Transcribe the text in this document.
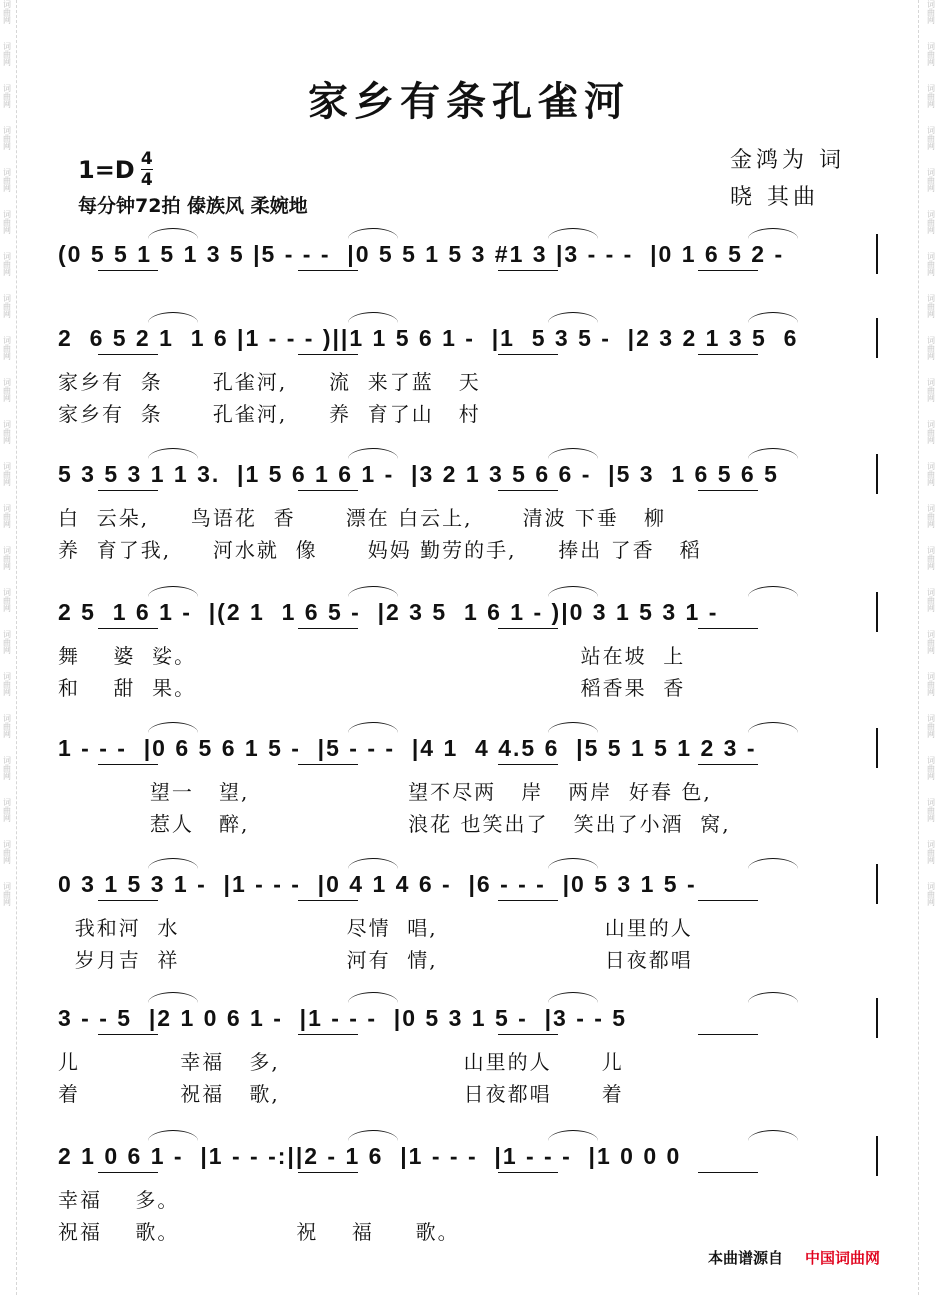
词曲网
词曲网
词曲网
词曲网
词曲网
词曲网
词曲网
词曲网
词曲网
词曲网
词曲网
词曲网
词曲网
词曲网
词曲网
词曲网
词曲网
词曲网
词曲网
词曲网
词曲网
词曲网
词曲网
词曲网
词曲网
词曲网
词曲网
词曲网
词曲网
词曲网
词曲网
词曲网
词曲网
词曲网
词曲网
词曲网
词曲网
词曲网
词曲网
词曲网
词曲网
词曲网
词曲网
词曲网
家乡有条孔雀河
1=D 4
4
每分钟72拍 傣族风 柔婉地
金鸿为 词
晓 其曲
(0 5 5 1 5 1 3 5 |5 - - -  |0 5 5 1 5 3 #1 3 |3 - - -  |0 1 6 5 2 -
2  6 5 2 1  1 6 |1 - - - )||1 1 5 6 1 -  |1  5 3 5 -  |2 3 2 1 3 5  6
家乡有  条      孔雀河,     流  来了蓝   天
家乡有  条      孔雀河,     养  育了山   村
5 3 5 3 1 1 3.  |1 5 6 1 6 1 -  |3 2 1 3 5 6 6 -  |5 3  1 6 5 6 5
白  云朵,     鸟语花  香      漂在 白云上,      清波 下垂   柳
养  育了我,     河水就  像      妈妈 勤劳的手,     捧出 了香   稻
2 5  1 6 1 -  |(2 1  1 6 5 -  |2 3 5  1 6 1 - )|0 3 1 5 3 1 -
舞    婆  娑。                                              站在坡  上
和    甜  果。                                              稻香果  香
1 - - -  |0 6 5 6 1 5 -  |5 - - -  |4 1  4 4.5 6  |5 5 1 5 1 2 3 -
望一   望,                   望不尽两   岸   两岸  好春 色,
惹人   醉,                   浪花 也笑出了   笑出了小酒  窝,
0 3 1 5 3 1 -  |1 - - -  |0 4 1 4 6 -  |6 - - -  |0 5 3 1 5 -
我和河  水                    尽情  唱,                    山里的人
岁月吉  祥                    河有  情,                    日夜都唱
3 - - 5  |2 1 0 6 1 -  |1 - - -  |0 5 3 1 5 -  |3 - - 5
儿            幸福   多,                      山里的人      儿
着            祝福   歌,                      日夜都唱      着
2 1 0 6 1 -  |1 - - -:||2 - 1 6  |1 - - -  |1 - - -  |1 0 0 0
幸福    多。
祝福    歌。              祝    福     歌。
本曲谱源自 中国词曲网
